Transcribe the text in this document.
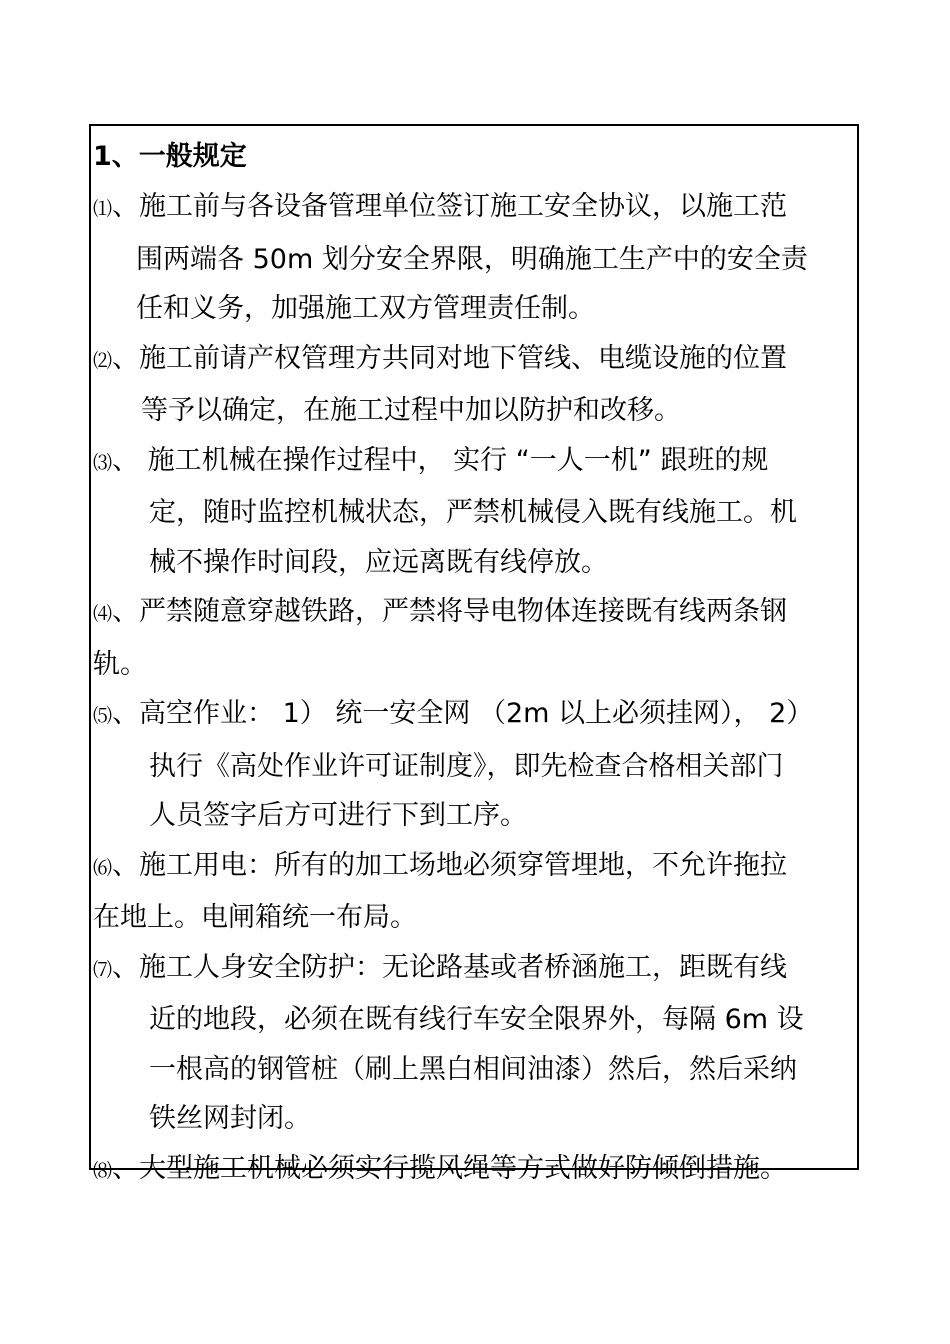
1、一般规定
⑴、施工前与各设备管理单位签订施工安全协议，以施工范
围两端各 50m 划分安全界限，明确施工生产中的安全责
任和义务，加强施工双方管理责任制。
⑵、施工前请产权管理方共同对地下管线、电缆设施的位置
等予以确定，在施工过程中加以防护和改移。
⑶、 施工机械在操作过程中， 实行 “一人一机” 跟班的规
定，随时监控机械状态，严禁机械侵入既有线施工。机
械不操作时间段，应远离既有线停放。
⑷、严禁随意穿越铁路，严禁将导电物体连接既有线两条钢
轨。
⑸、高空作业： 1） 统一安全网 （2m 以上必须挂网）， 2）
执行《高处作业许可证制度》，即先检查合格相关部门
人员签字后方可进行下到工序。
⑹、施工用电：所有的加工场地必须穿管埋地，不允许拖拉
在地上。电闸箱统一布局。
⑺、施工人身安全防护：无论路基或者桥涵施工，距既有线
近的地段，必须在既有线行车安全限界外，每隔 6m 设
一根高的钢管桩（刷上黑白相间油漆）然后，然后采纳
铁丝网封闭。
⑻、大型施工机械必须实行揽风绳等方式做好防倾倒措施。
